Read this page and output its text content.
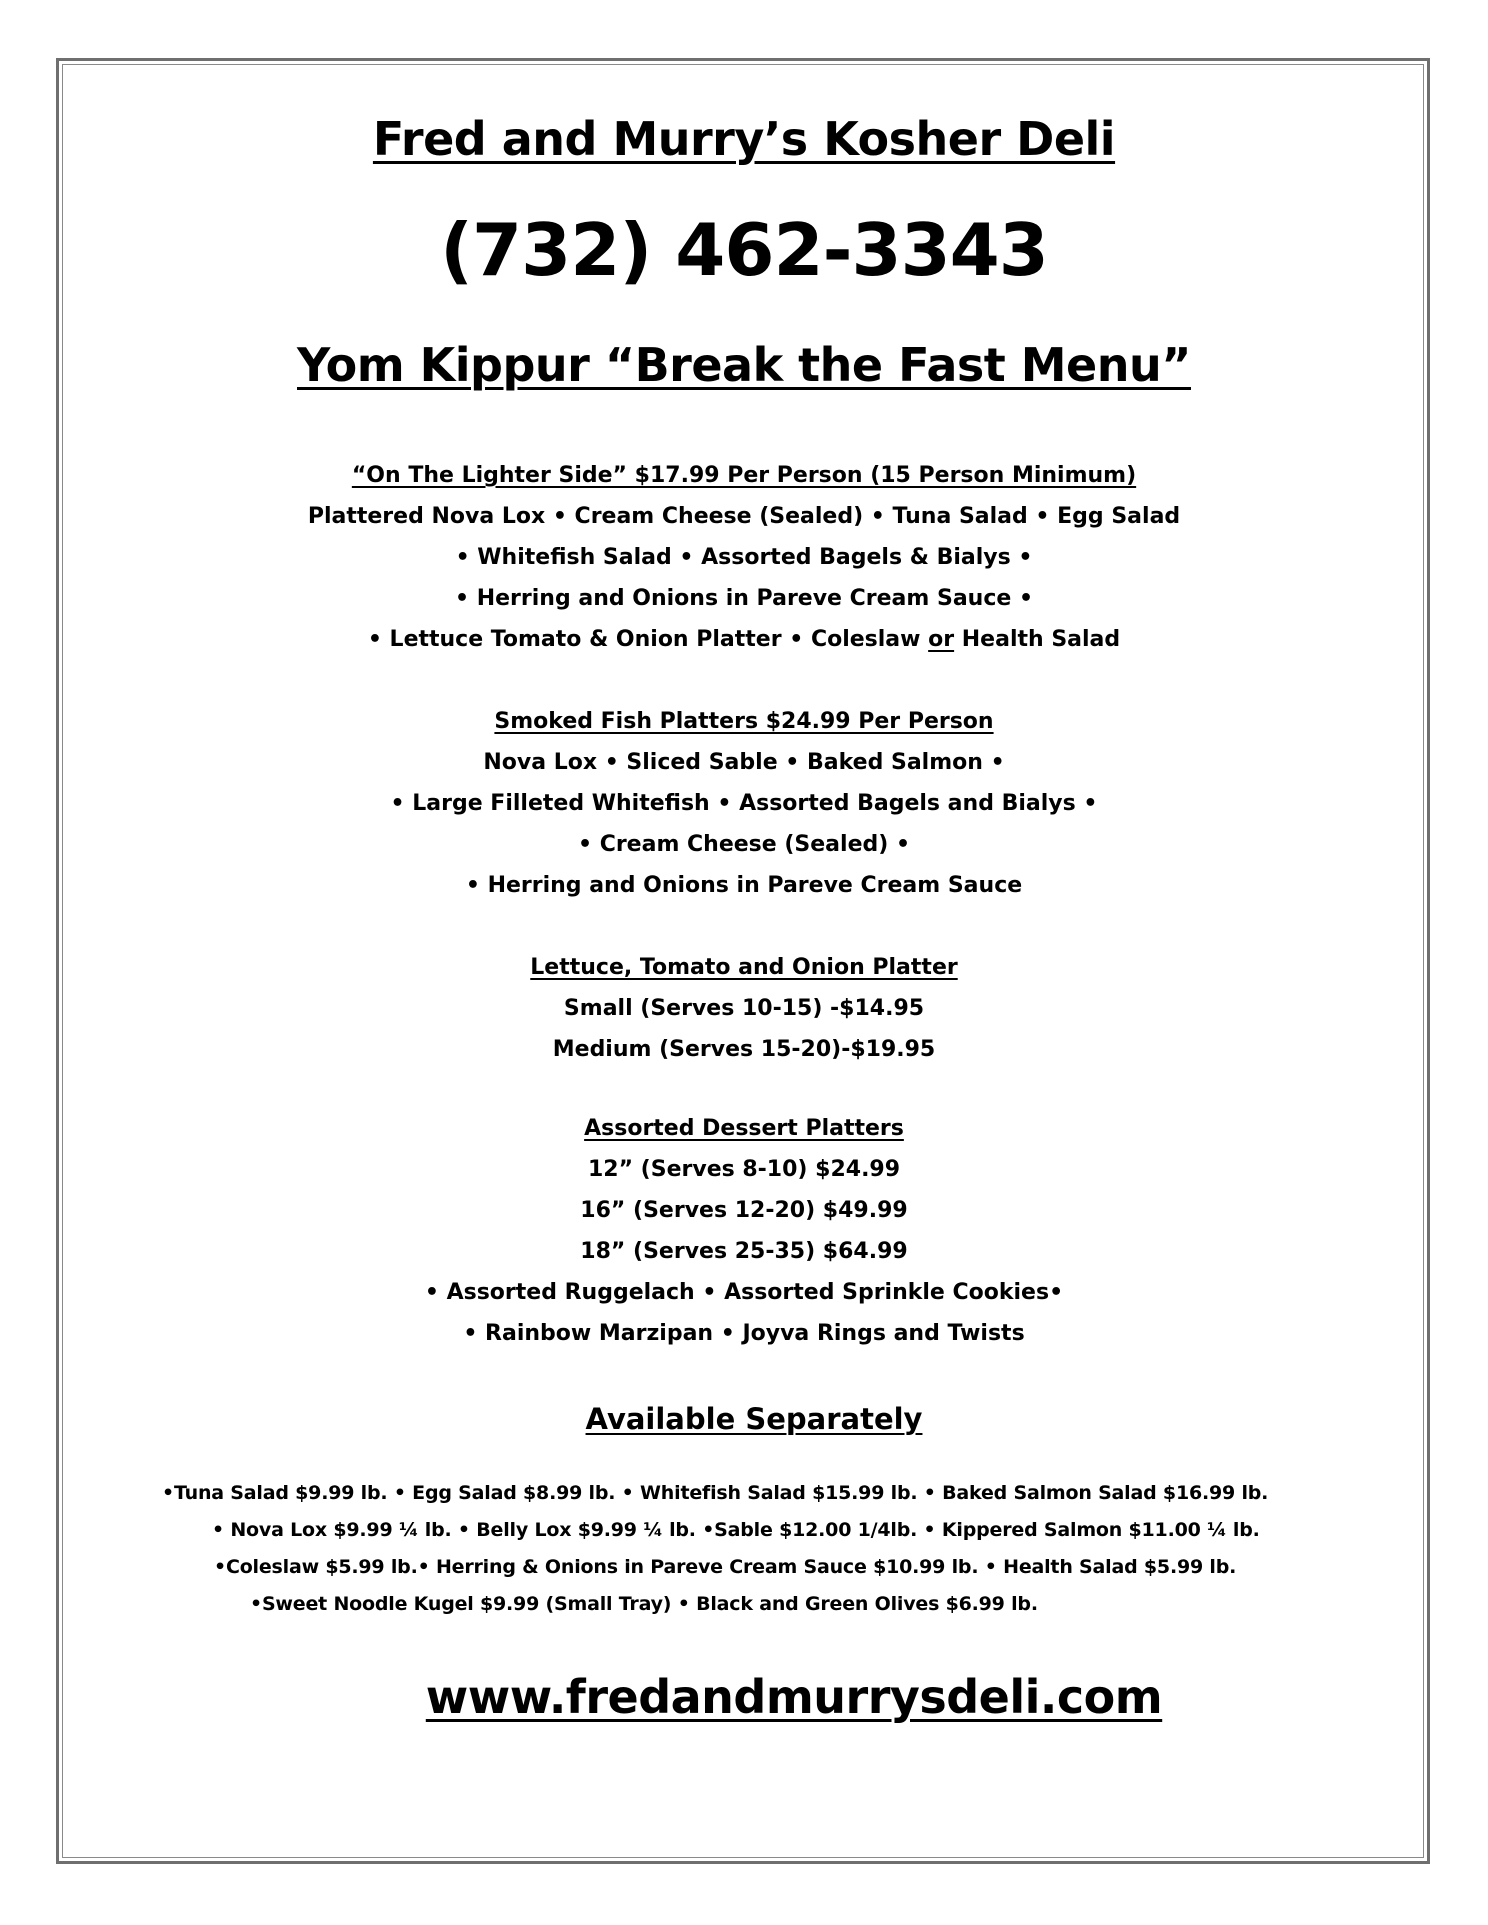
Fred and Murry’s Kosher Deli
(732) 462-3343
Yom Kippur “Break the Fast Menu”
“On The Lighter Side” $17.99 Per Person (15 Person Minimum)
Plattered Nova Lox • Cream Cheese (Sealed) • Tuna Salad • Egg Salad
• Whitefish Salad • Assorted Bagels & Bialys •
• Herring and Onions in Pareve Cream Sauce •
• Lettuce Tomato & Onion Platter • Coleslaw or Health Salad
Smoked Fish Platters $24.99 Per Person
Nova Lox • Sliced Sable • Baked Salmon •
• Large Filleted Whitefish • Assorted Bagels and Bialys •
• Cream Cheese (Sealed) •
• Herring and Onions in Pareve Cream Sauce
Lettuce, Tomato and Onion Platter
Small (Serves 10-15) -$14.95
Medium (Serves 15-20)-$19.95
Assorted Dessert Platters
12” (Serves 8-10) $24.99
16” (Serves 12-20) $49.99
18” (Serves 25-35) $64.99
• Assorted Ruggelach • Assorted Sprinkle Cookies•
• Rainbow Marzipan • Joyva Rings and Twists
Available Separately
•Tuna Salad $9.99 lb. • Egg Salad $8.99 lb. • Whitefish Salad $15.99 lb. • Baked Salmon Salad $16.99 lb.
• Nova Lox $9.99 ¼ lb. • Belly Lox $9.99 ¼ lb. •Sable $12.00 1/4lb. • Kippered Salmon $11.00 ¼ lb.
•Coleslaw $5.99 lb.• Herring & Onions in Pareve Cream Sauce $10.99 lb. • Health Salad $5.99 lb.
•Sweet Noodle Kugel $9.99 (Small Tray) • Black and Green Olives $6.99 lb.
www.fredandmurrysdeli.com
